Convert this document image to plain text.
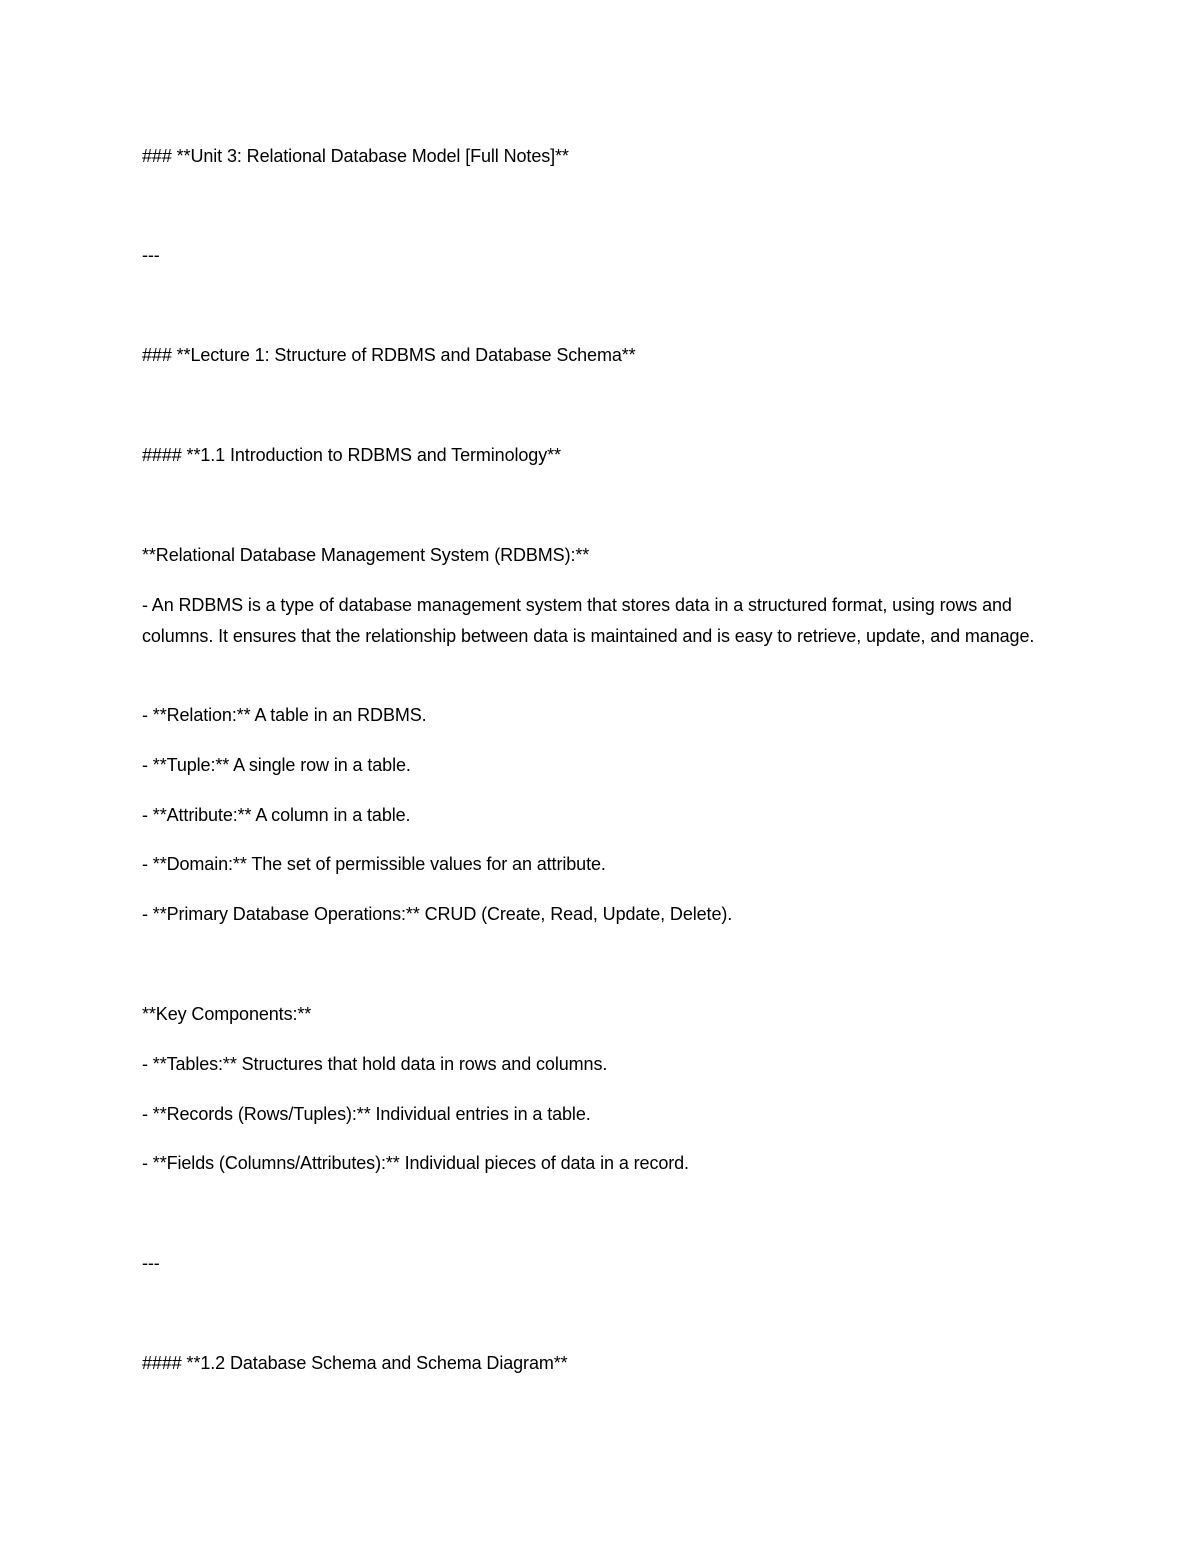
### **Unit 3: Relational Database Model [Full Notes]**
---
### **Lecture 1: Structure of RDBMS and Database Schema**
#### **1.1 Introduction to RDBMS and Terminology**
**Relational Database Management System (RDBMS):**
- An RDBMS is a type of database management system that stores data in a structured format, using rows and columns. It ensures that the relationship between data is maintained and is easy to retrieve, update, and manage.
- **Relation:** A table in an RDBMS.
- **Tuple:** A single row in a table.
- **Attribute:** A column in a table.
- **Domain:** The set of permissible values for an attribute.
- **Primary Database Operations:** CRUD (Create, Read, Update, Delete).
**Key Components:**
- **Tables:** Structures that hold data in rows and columns.
- **Records (Rows/Tuples):** Individual entries in a table.
- **Fields (Columns/Attributes):** Individual pieces of data in a record.
---
#### **1.2 Database Schema and Schema Diagram**
